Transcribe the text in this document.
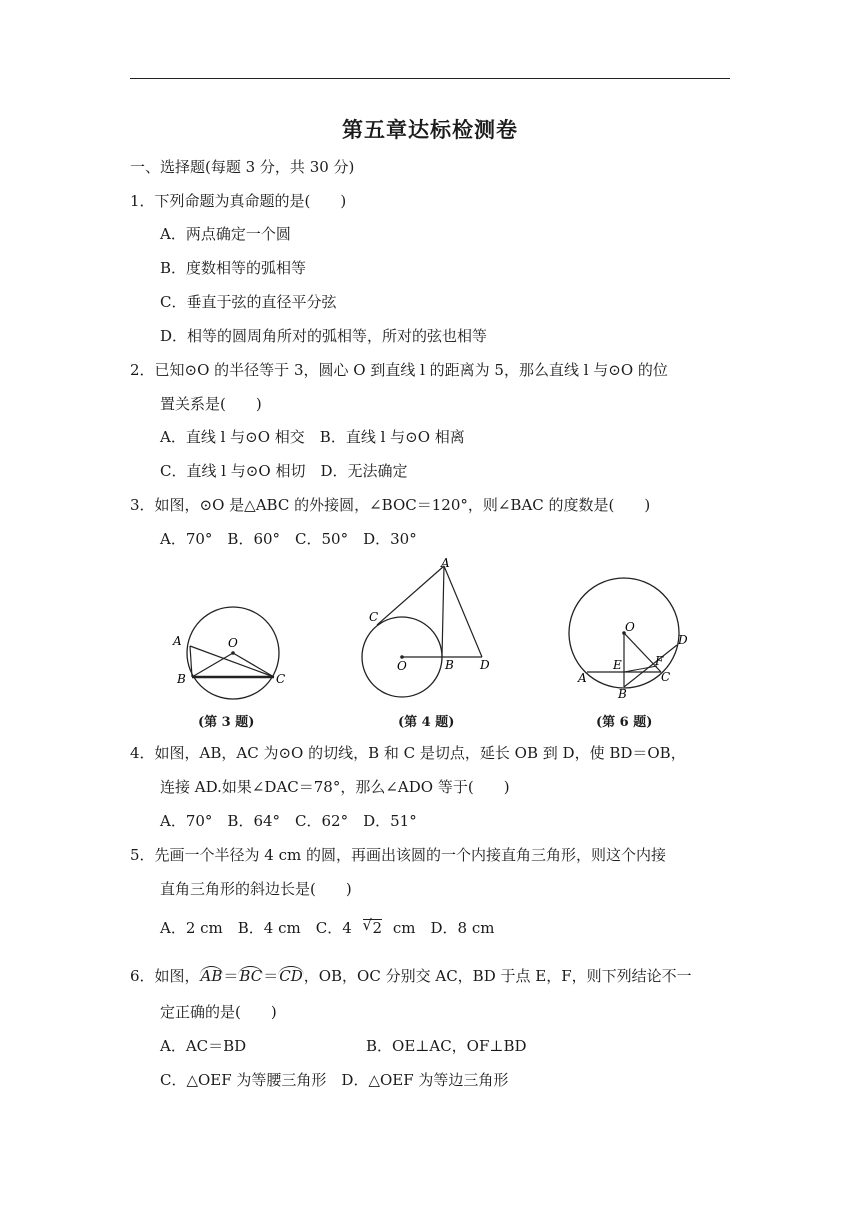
第五章达标检测卷
一、选择题(每题 3 分，共 30 分)
1．下列命题为真命题的是(　　)
A．两点确定一个圆
B．度数相等的弧相等
C．垂直于弦的直径平分弦
D．相等的圆周角所对的弧相等，所对的弦也相等
2．已知⊙O 的半径等于 3，圆心 O 到直线 l 的距离为 5，那么直线 l 与⊙O 的位
置关系是(　　)
A．直线 l 与⊙O 相交　B．直线 l 与⊙O 相离
C．直线 l 与⊙O 相切　D．无法确定
3．如图，⊙O 是△ABC 的外接圆，∠BOC＝120°，则∠BAC 的度数是(　　)
A．70°　B．60°　C．50°　D．30°
A	O
B	C
(第 3 题)
A
C
O	B D
(第 4 题)
O
D
E	F
A	C
B
(第 6 题)
4．如图，AB，AC 为⊙O 的切线，B 和 C 是切点，延长 OB 到 D，使 BD＝OB，
连接 AD.如果∠DAC＝78°，那么∠ADO 等于(　　)
A．70°　B．64°　C．62°　D．51°
5．先画一个半径为 4 cm 的圆，再画出该圆的一个内接直角三角形，则这个内接
直角三角形的斜边长是(　　)
A．2 cm　B．4 cm　C．4 √ 2 cm　D．8 cm
6．如图，AB＝BC＝CD，OB，OC 分别交 AC，BD 于点 E，F，则下列结论不一
定正确的是(　　)
A．AC＝BD	B．OE⊥AC，OF⊥BD
C．△OEF 为等腰三角形　D．△OEF 为等边三角形
